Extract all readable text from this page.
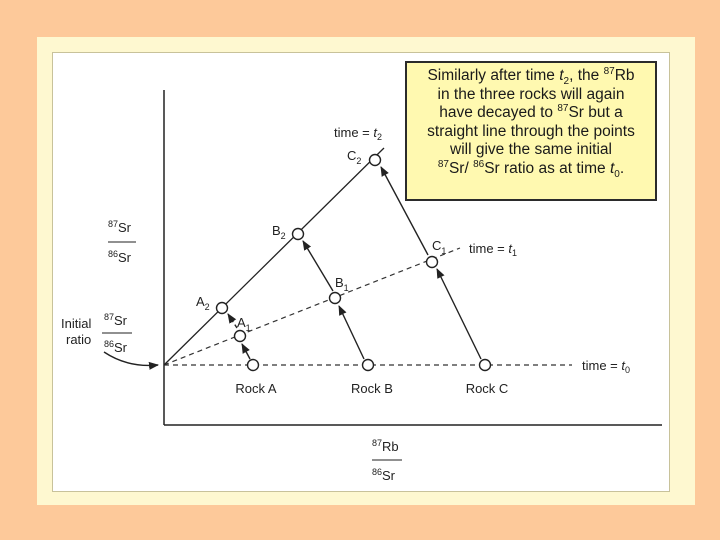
$A_1$
$B_1$
$C_1$
$A_2$
$B_2$
$C_2$
Rock A	Rock B	Rock C
time = $t_0$
time = $t_1$
time = $t_2$
$^{87}$Sr
$^{86}$Sr
$^{87}$Rb
$^{86}$Sr
Initial
ratio
$^{87}$Sr
$^{86}$Sr
Similarly after time $t_2$, the $^{87}$Rb
in the three rocks will again
have decayed to $^{87}$Sr but a
straight line through the points
will give the same initial
$^{87}$Sr/ $^{86}$Sr ratio as at time $t_0$.
